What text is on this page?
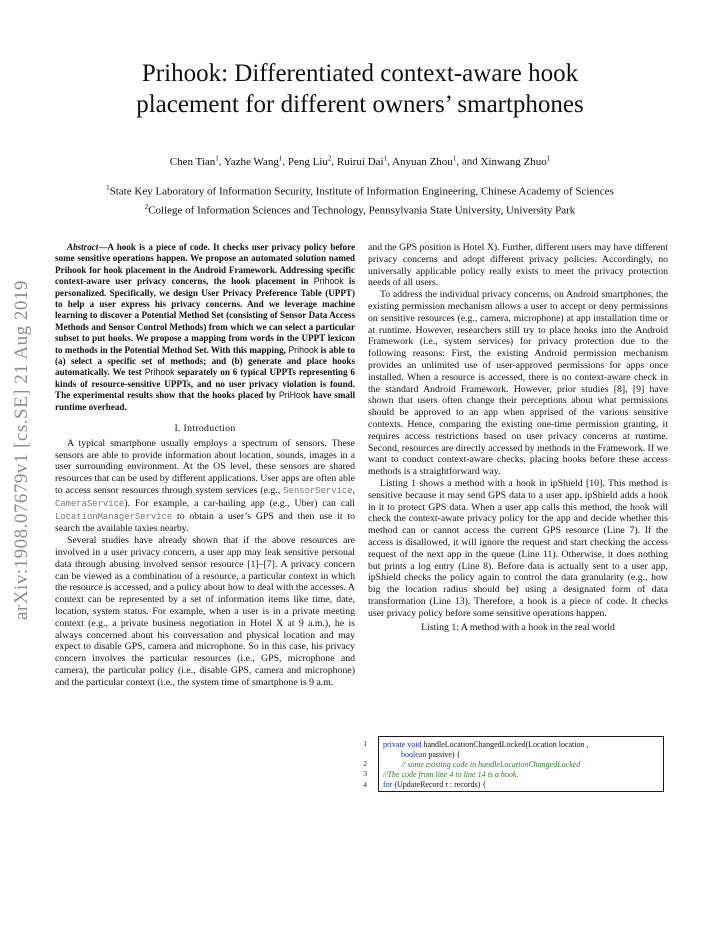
arXiv:1908.07679v1 [cs.SE] 21 Aug 2019
Prihook: Differentiated context-aware hook
placement for different owners’ smartphones
Chen Tian$^1$, Yazhe Wang$^1$, Peng Liu$^2$, Ruirui Dai$^1$, Anyuan Zhou$^1$, and Xinwang Zhuo$^1$
$^1$State Key Laboratory of Information Security, Institute of Information Engineering, Chinese Academy of Sciences
$^2$College of Information Sciences and Technology, Pennsylvania State University, University Park

Abstract—A hook is a piece of code. It checks user privacy policy before some sensitive operations happen. We propose an automated solution named Prihook for hook placement in the Android Framework. Addressing specific context-aware user privacy concerns, the hook placement in Prihook is personalized. Specifically, we design User Privacy Preference Table (UPPT) to help a user express his privacy concerns. And we leverage machine learning to discover a Potential Method Set (consisting of Sensor Data Access Methods and Sensor Control Methods) from which we can select a particular subset to put hooks. We propose a mapping from words in the UPPT lexicon to methods in the Potential Method Set. With this mapping, Prihook is able to (a) select a specific set of methods; and (b) generate and place hooks automatically. We test Prihook separately on 6 typical UPPTs representing 6 kinds of resource-sensitive UPPTs, and no user privacy violation is found. The experimental results show that the hooks placed by PriHook have small runtime overhead.

I. Introduction

A typical smartphone usually employs a spectrum of sensors. These sensors are able to provide information about location, sounds, images in a user surrounding environment. At the OS level, these sensors are shared resources that can be used by different applications. User apps are often able to access sensor resources through system services (e.g., SensorService, CameraService). For example, a car-hailing app (e.g., Uber) can call LocationManagerService to obtain a user’s GPS and then use it to search the available taxies nearby.

Several studies have already shown that if the above resources are involved in a user privacy concern, a user app may leak sensitive personal data through abusing involved sensor resource [1]–[7]. A privacy concern can be viewed as a combination of a resource, a particular context in which the resource is accessed, and a policy about how to deal with the accesses. A context can be represented by a set of information items like time, date, location, system status. For example, when a user is in a private meeting context (e.g., a private business negotiation in Hotel X at 9 a.m.), he is always concerned about his conversation and physical location and may expect to disable GPS, camera and microphone. So in this case, his privacy concern involves the particular resources (i.e., GPS, microphone and camera), the particular policy (i.e., disable GPS, camera and microphone) and the particular context (i.e., the system time of smartphone is 9 a.m.

and the GPS position is Hotel X). Further, different users may have different privacy concerns and adopt different privacy policies. Accordingly, no universally applicable policy really exists to meet the privacy protection needs of all users.

To address the individual privacy concerns, on Android smartphones, the existing permission mechanism allows a user to accept or deny permissions on sensitive resources (e.g., camera, microphone) at app installation time or at runtime. However, researchers still try to place hooks into the Android Framework (i.e., system services) for privacy protection due to the following reasons: First, the existing Android permission mechanism provides an unlimited use of user-approved permissions for apps once installed. When a resource is accessed, there is no context-aware check in the standard Android Framework. However, prior studies [8], [9] have shown that users often change their perceptions about what permissions should be approved to an app when apprised of the various sensitive contexts. Hence, comparing the existing one-time permission granting, it requires access restrictions based on user privacy concerns at runtime. Second, resources are directly accessed by methods in the Framework. If we want to conduct context-aware checks, placing hooks before these access methods is a straightforward way.

Listing 1 shows a method with a hook in ipShield [10]. This method is sensitive because it may send GPS data to a user app. ipShield adds a hook in it to protect GPS data. When a user app calls this method, the hook will check the context-aware privacy policy for the app and decide whether this method can or cannot access the current GPS resource (Line 7). If the access is disallowed, it will ignore the request and start checking the access request of the next app in the queue (Line 11). Otherwise, it does nothing but prints a log entry (Line 8). Before data is actually sent to a user app, ipShield checks the policy again to control the data granularity (e.g., how big the location radius should be) using a designated form of data transformation (Line 13). Therefore, a hook is a piece of code. It checks user privacy policy before some sensitive operations happen.

Listing 1: A method with a hook in the real world
1
2
3
4
private void handleLocationChangedLocked(Location location ,
boolean passive) {
// some existing code in handleLocationChangedLocked
//The code from line 4 to line 14 is a hook.
for (UpdateRecord r : records) {
